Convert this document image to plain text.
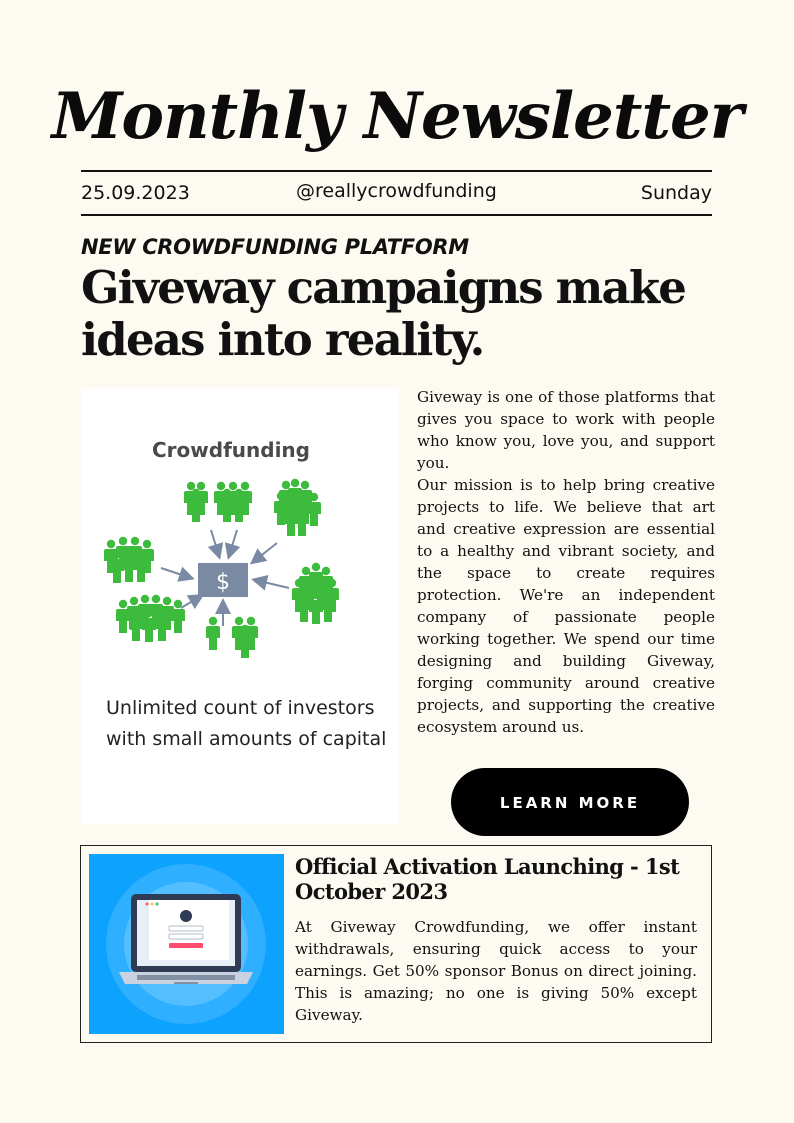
Monthly Newsletter
25.09.2023	@reallycrowdfunding	Sunday
NEW CROWDFUNDING PLATFORM
Giveway campaigns make ideas into reality.
Crowdfunding
$
Unlimited count of investors with small amounts of capital

Giveway is one of those platforms that gives you space to work with people who know you, love you, and support you.

Our mission is to help bring creative projects to life. We believe that art and creative expression are essential to a healthy and vibrant society, and the space to create requires protection. We're an independent company of passionate people working together. We spend our time designing and building Giveway, forging community around creative projects, and supporting the creative ecosystem around us.

LEARN MORE
Official Activation Launching - 1st October 2023
At Giveway Crowdfunding, we offer instant withdrawals, ensuring quick access to your earnings. Get 50% sponsor Bonus on direct joining. This is amazing; no one is giving 50% except Giveway.
